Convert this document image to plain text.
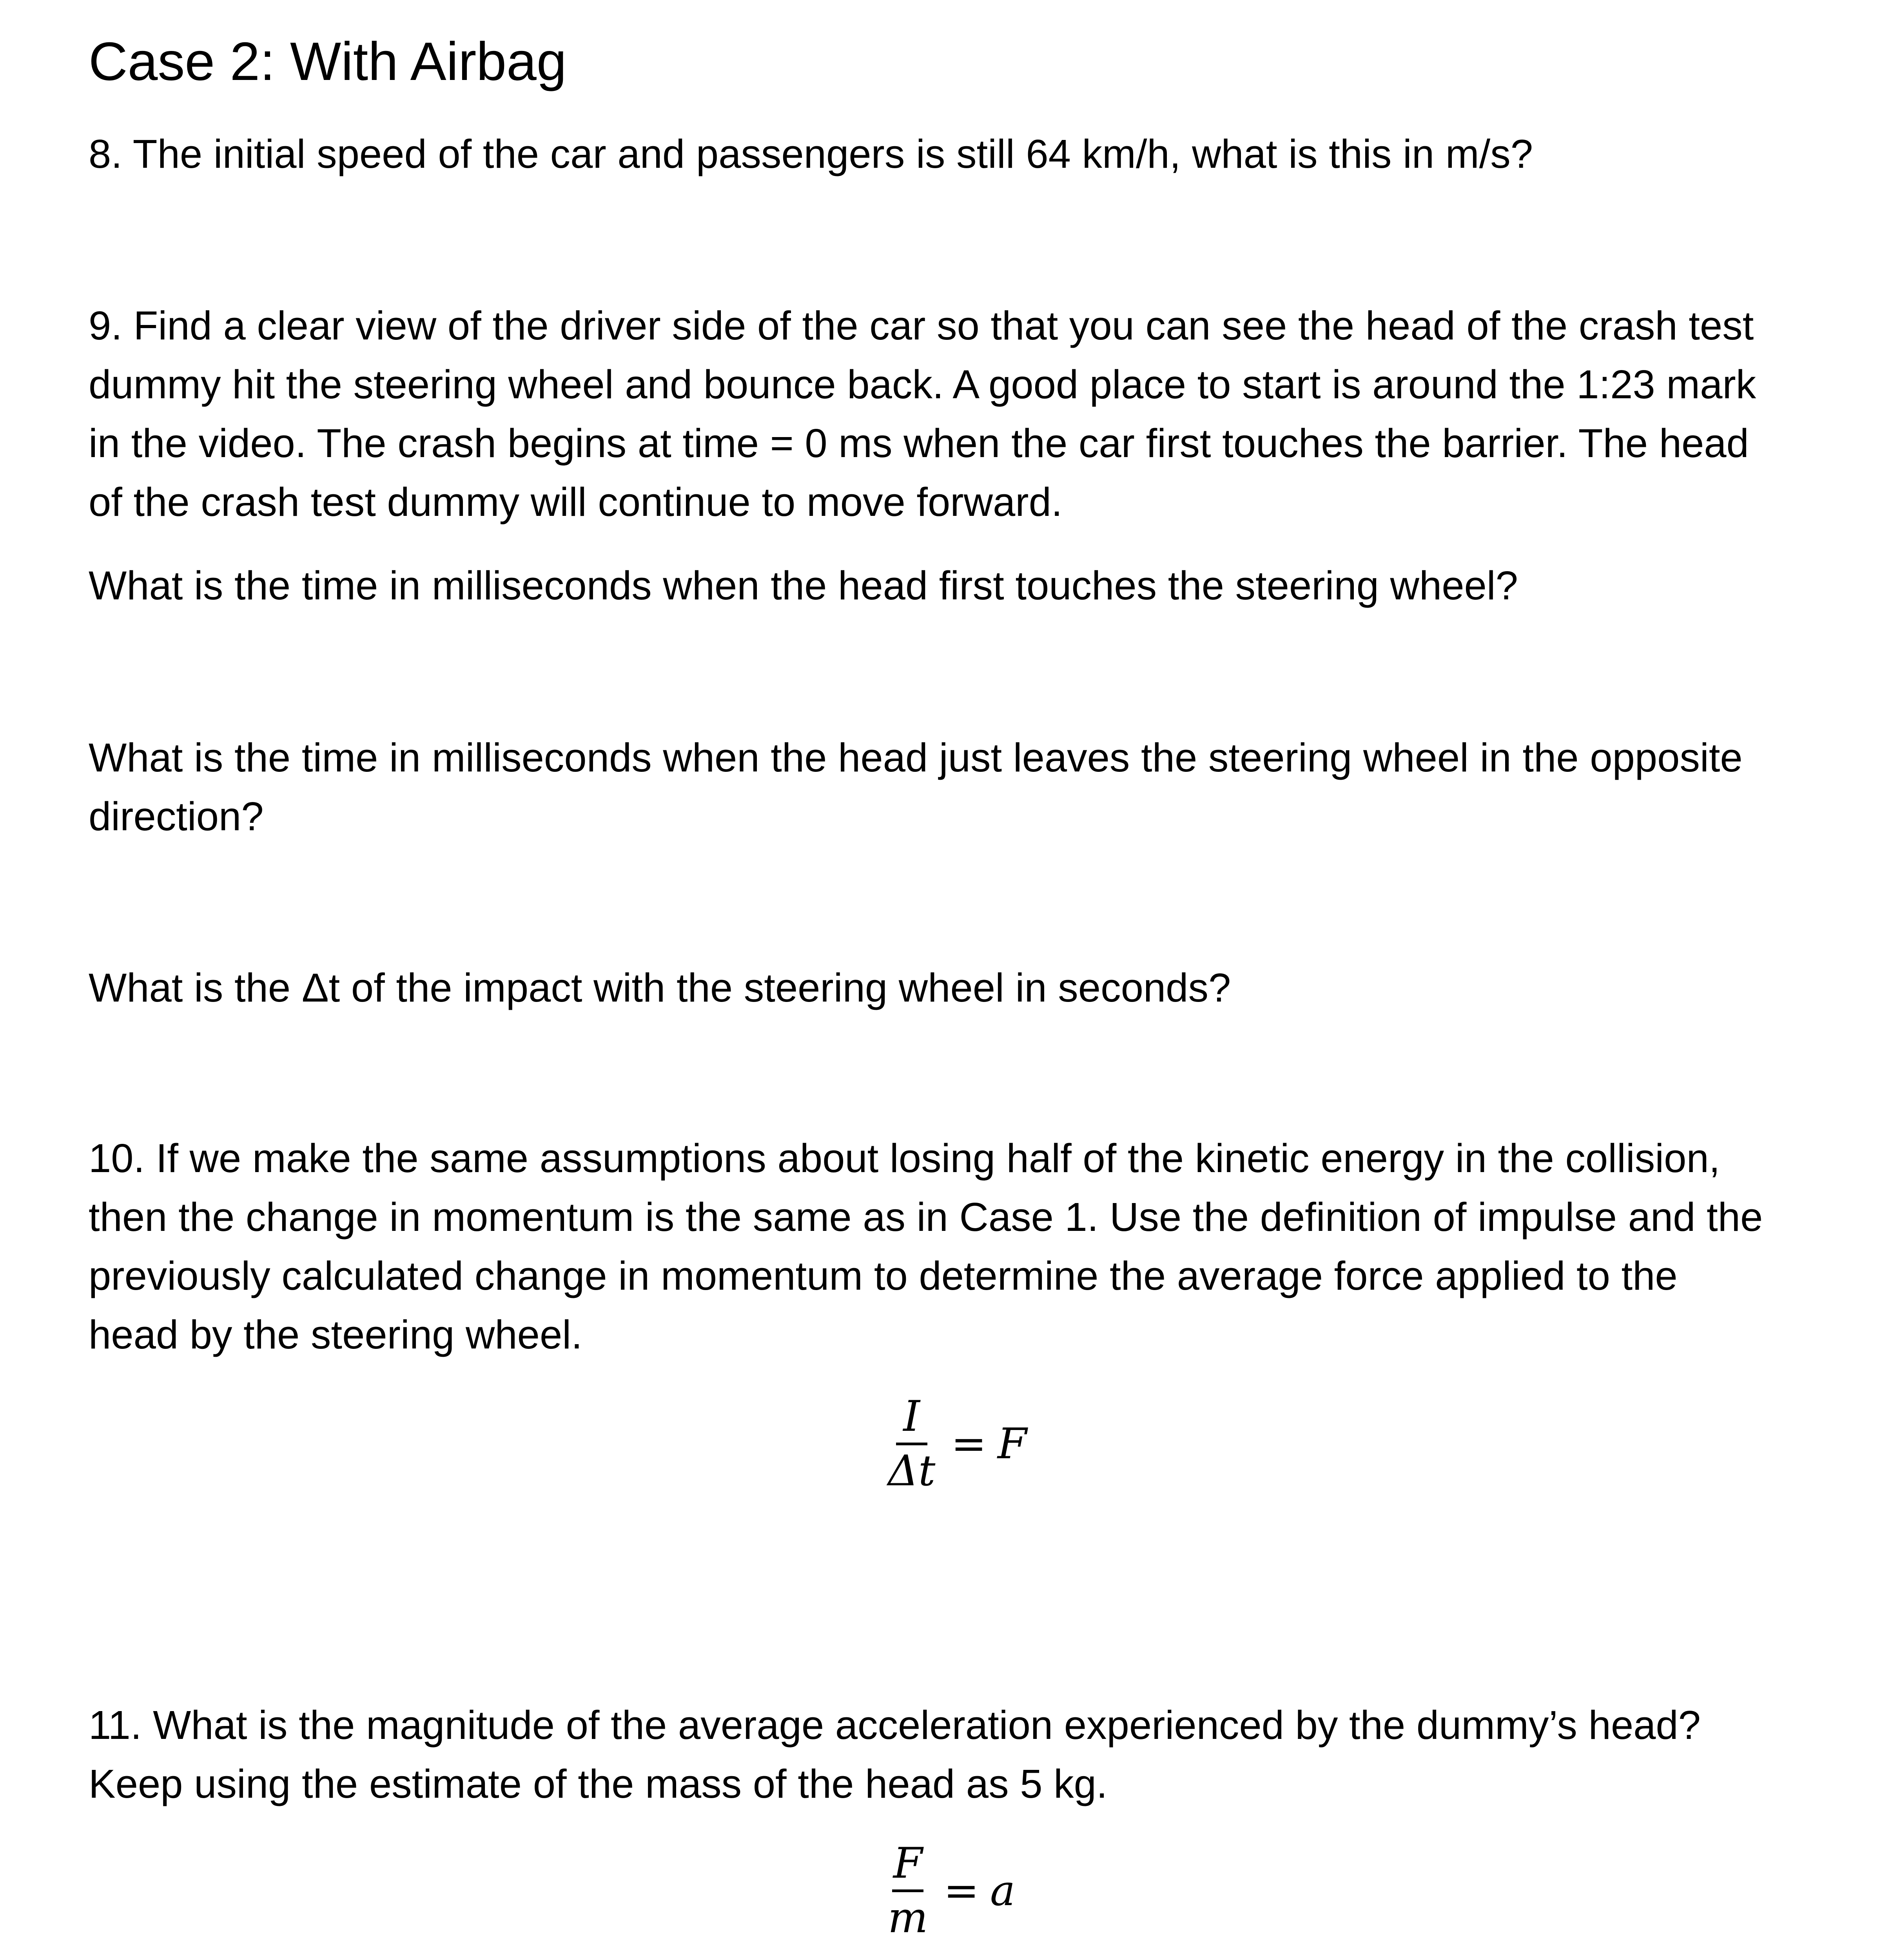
Case 2: With Airbag
8. The initial speed of the car and passengers is still 64 km/h, what is this in m/s?
9. Find a clear view of the driver side of the car so that you can see the head of the crash test
dummy hit the steering wheel and bounce back. A good place to start is around the 1:23 mark
in the video. The crash begins at time = 0 ms when the car first touches the barrier. The head
of the crash test dummy will continue to move forward.
What is the time in milliseconds when the head first touches the steering wheel?
What is the time in milliseconds when the head just leaves the steering wheel in the opposite
direction?
What is the Δt of the impact with the steering wheel in seconds?
10. If we make the same assumptions about losing half of the kinetic energy in the collision,
then the change in momentum is the same as in Case 1. Use the definition of impulse and the
previously calculated change in momentum to determine the average force applied to the
head by the steering wheel.
$\frac{I}{\Delta t} = F$
11. What is the magnitude of the average acceleration experienced by the dummy’s head?
Keep using the estimate of the mass of the head as 5 kg.
$\frac{F}{m} = a$
